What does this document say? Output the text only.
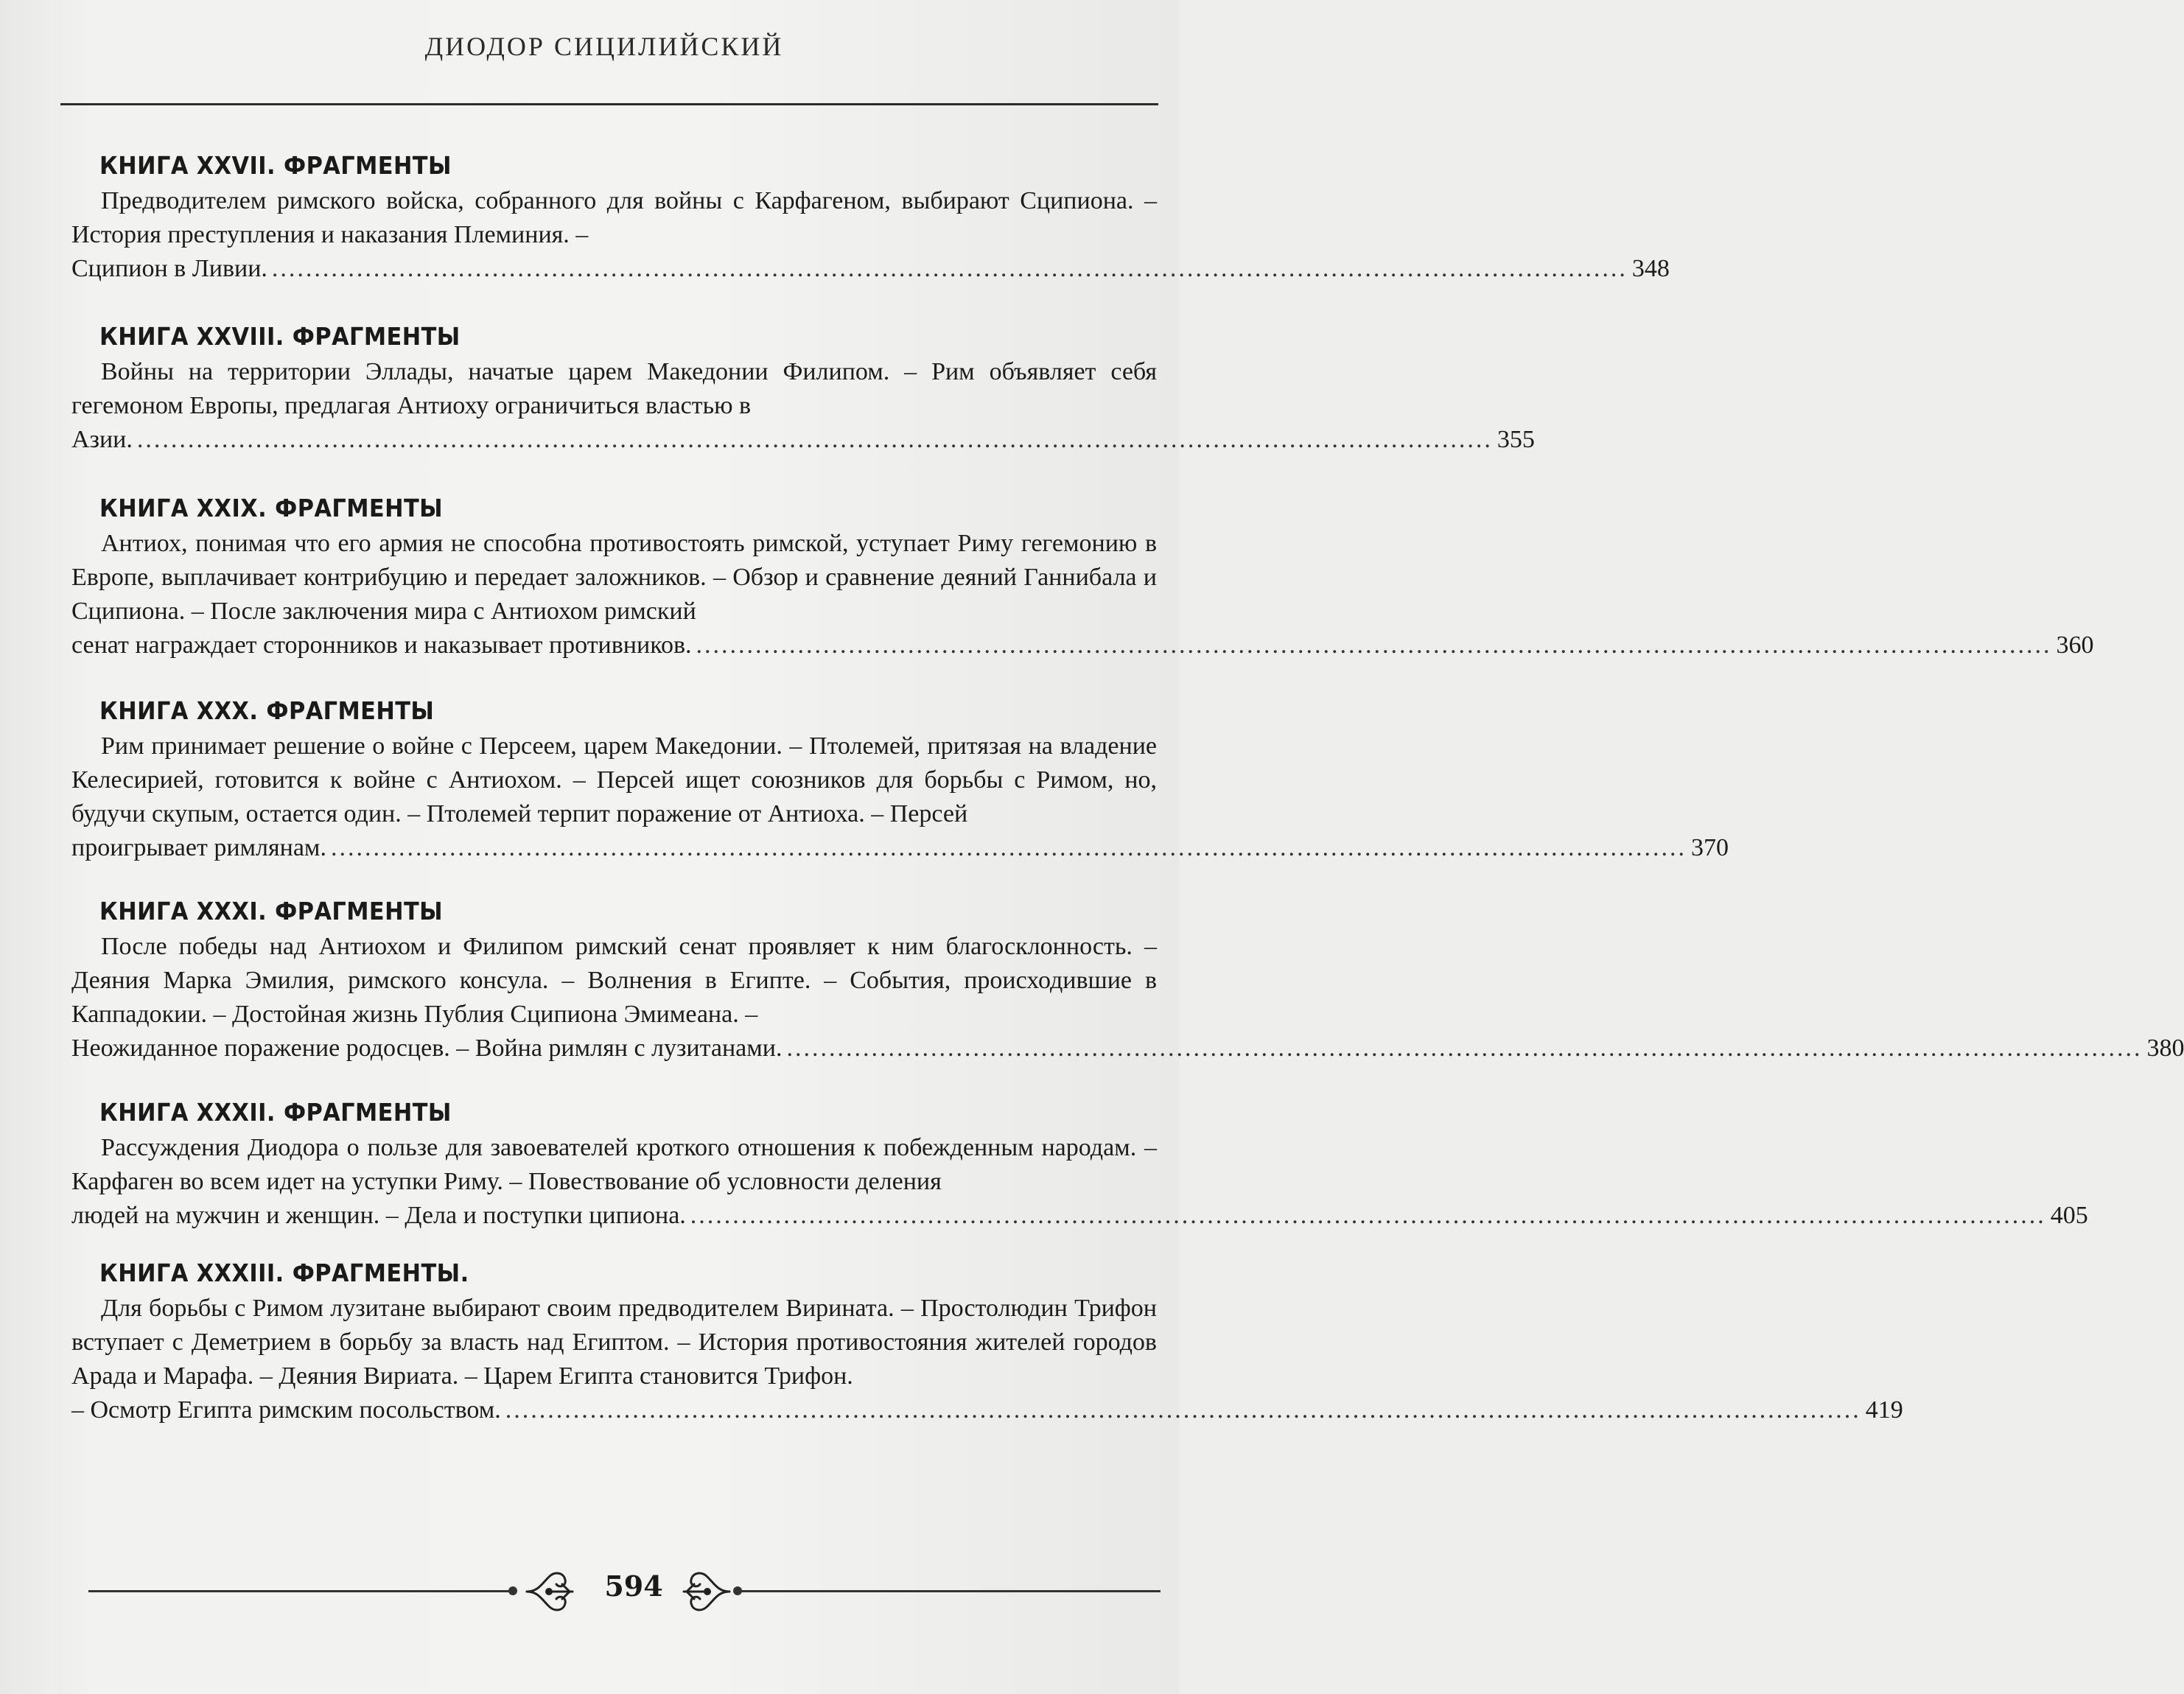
ДИОДОР СИЦИЛИЙСКИЙ
КНИГА XXVII. ФРАГМЕНТЫ
Предводителем римского войска, собранного для войны с Карфагеном, выбирают Сципиона. – История преступления и наказания Племиния. –
Сципион в Ливии. ................................................................................................................................................................ 348
КНИГА XXVIII. ФРАГМЕНТЫ
Войны на территории Эллады, начатые царем Македонии Филипом. – Рим объявляет себя гегемоном Европы, предлагая Антиоху ограничиться властью в
Азии. ................................................................................................................................................................ 355
КНИГА XXIX. ФРАГМЕНТЫ
Антиох, понимая что его армия не способна противостоять римской, уступает Риму гегемонию в Европе, выплачивает контрибуцию и передает заложников. – Обзор и сравнение деяний Ганнибала и Сципиона. – После заключения мира с Антиохом римский
сенат награждает сторонников и наказывает противников. ................................................................................................................................................................ 360
КНИГА XXX. ФРАГМЕНТЫ
Рим принимает решение о войне с Персеем, царем Македонии. – Птолемей, притязая на владение Келесирией, готовится к войне с Антиохом. – Персей ищет союзников для борьбы с Римом, но, будучи скупым, остается один. – Птолемей терпит поражение от Антиоха. – Персей
проигрывает римлянам. ................................................................................................................................................................ 370
КНИГА XXXI. ФРАГМЕНТЫ
После победы над Антиохом и Филипом римский сенат проявляет к ним благосклонность. – Деяния Марка Эмилия, римского консула. – Волнения в Египте. – События, происходившие в Каппадокии. – Достойная жизнь Публия Сципиона Эмимеана. –
Неожиданное поражение родосцев. – Война римлян с лузитанами. ................................................................................................................................................................ 380
КНИГА XXXII. ФРАГМЕНТЫ
Рассуждения Диодора о пользе для завоевателей кроткого отношения к побежденным народам. – Карфаген во всем идет на уступки Риму. – Повествование об условности деления
людей на мужчин и женщин. – Дела и поступки ципиона. ................................................................................................................................................................ 405
КНИГА XXXIII. ФРАГМЕНТЫ.
Для борьбы с Римом лузитане выбирают своим предводителем Вирината. – Простолюдин Трифон вступает с Деметрием в борьбу за власть над Египтом. – История противостояния жителей городов Арада и Марафа. – Деяния Вириата. – Царем Египта становится Трифон.
– Осмотр Египта римским посольством. ................................................................................................................................................................ 419
594
